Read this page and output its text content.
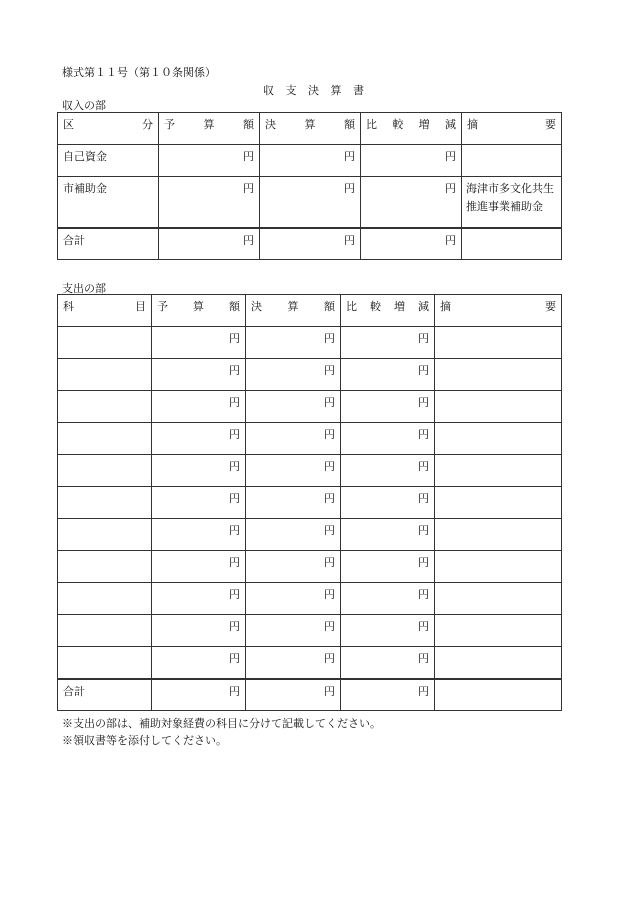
様式第１１号（第１０条関係）
収 支 決 算 書
収入の部
区 分	予 算 額	決 算 額	比 較 増 減	摘 要

自己資金	円	円	円	
市補助金	円	円	円	海津市多文化共生推進事業補助金
合計	円	円	円	
支出の部
科 目	予 算 額	決 算 額	比 較 増 減	摘 要

	円	円	円	
	円	円	円	
	円	円	円	
	円	円	円	
	円	円	円	
	円	円	円	
	円	円	円	
	円	円	円	
	円	円	円	
	円	円	円	
	円	円	円	
合計	円	円	円	
※支出の部は、補助対象経費の科目に分けて記載してください。
※領収書等を添付してください。
